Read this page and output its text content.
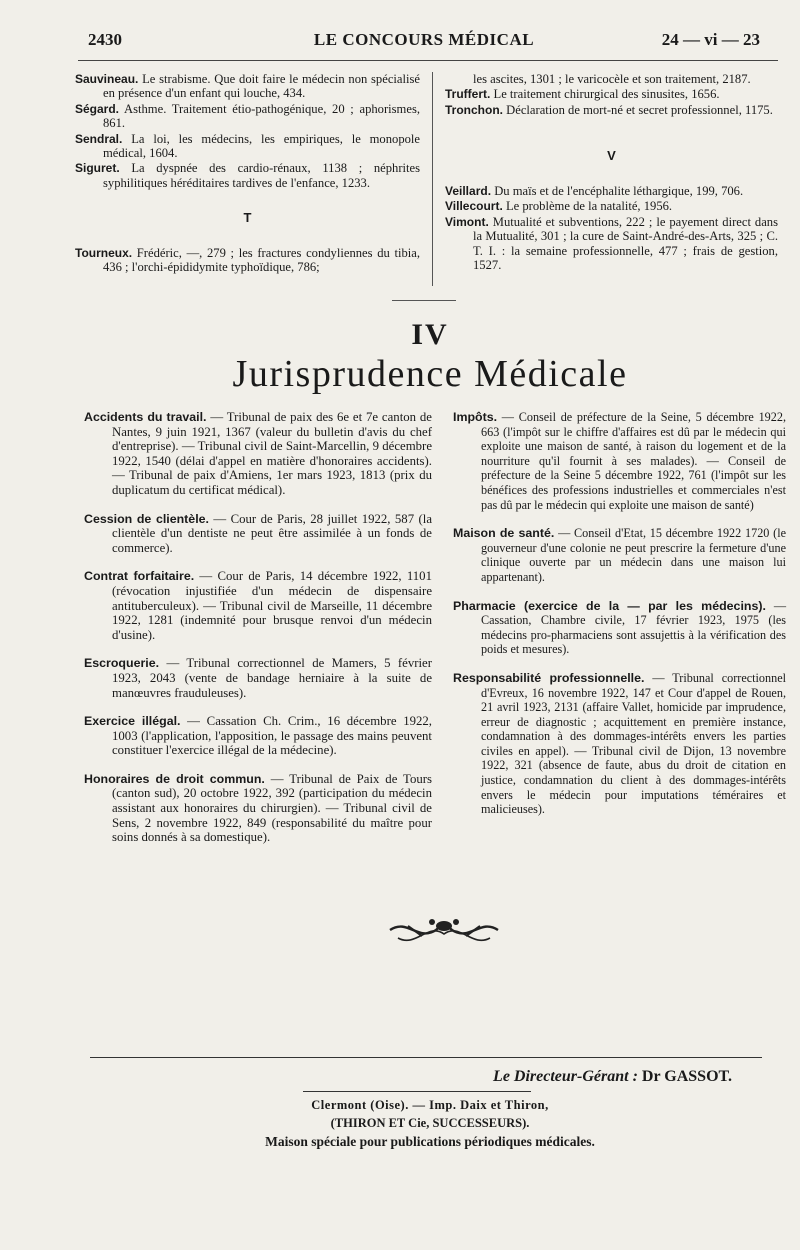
2430	LE CONCOURS MÉDICAL	24 — vi — 23

Sauvineau. Le strabisme. Que doit faire le médecin non spécialisé en présence d'un enfant qui louche, 434.

Ségard. Asthme. Traitement étio-pathogénique, 20 ; aphorismes, 861.

Sendral. La loi, les médecins, les empiriques, le monopole médical, 1604.

Siguret. La dyspnée des cardio-rénaux, 1138 ; néphrites syphilitiques héréditaires tardives de l'enfance, 1233.

T

Tourneux. Frédéric, —, 279 ; les fractures condyliennes du tibia, 436 ; l'orchi-épididymite typhoïdique, 786;

les ascites, 1301 ; le varicocèle et son traitement, 2187.

Truffert. Le traitement chirurgical des sinusites, 1656.

Tronchon. Déclaration de mort-né et secret professionnel, 1175.

V

Veillard. Du maïs et de l'encéphalite léthargique, 199, 706.

Villecourt. Le problème de la natalité, 1956.

Vimont. Mutualité et subventions, 222 ; le payement direct dans la Mutualité, 301 ; la cure de Saint-André-des-Arts, 325 ; C. T. I. : la semaine professionnelle, 477 ; frais de gestion, 1527.

IV
Jurisprudence Médicale

Accidents du travail. — Tribunal de paix des 6e et 7e canton de Nantes, 9 juin 1921, 1367 (valeur du bulletin d'avis du chef d'entreprise). — Tribunal civil de Saint-Marcellin, 9 décembre 1922, 1540 (délai d'appel en matière d'honoraires accidents). — Tribunal de paix d'Amiens, 1er mars 1923, 1813 (prix du duplicatum du certificat médical).

Cession de clientèle. — Cour de Paris, 28 juillet 1922, 587 (la clientèle d'un dentiste ne peut être assimilée à un fonds de commerce).

Contrat forfaitaire. — Cour de Paris, 14 décembre 1922, 1101 (révocation injustifiée d'un médecin de dispensaire antituberculeux). — Tribunal civil de Marseille, 11 décembre 1922, 1281 (indemnité pour brusque renvoi d'un médecin d'usine).

Escroquerie. — Tribunal correctionnel de Mamers, 5 février 1923, 2043 (vente de bandage herniaire à la suite de manœuvres frauduleuses).

Exercice illégal. — Cassation Ch. Crim., 16 décembre 1922, 1003 (l'application, l'apposition, le passage des mains peuvent constituer l'exercice illégal de la médecine).

Honoraires de droit commun. — Tribunal de Paix de Tours (canton sud), 20 octobre 1922, 392 (participation du médecin assistant aux honoraires du chirurgien). — Tribunal civil de Sens, 2 novembre 1922, 849 (responsabilité du maître pour soins donnés à sa domestique).

Impôts. — Conseil de préfecture de la Seine, 5 décembre 1922, 663 (l'impôt sur le chiffre d'affaires est dû par le médecin qui exploite une maison de santé, à raison du logement et de la nourriture qu'il fournit à ses malades). — Conseil de préfecture de la Seine 5 décembre 1922, 761 (l'impôt sur les bénéfices des professions industrielles et commerciales n'est pas dû par le médecin qui exploite une maison de santé)

Maison de santé. — Conseil d'Etat, 15 décembre 1922 1720 (le gouverneur d'une colonie ne peut prescrire la fermeture d'une clinique ouverte par un médecin dans une maison lui appartenant).

Pharmacie (exercice de la — par les médecins). — Cassation, Chambre civile, 17 février 1923, 1975 (les médecins pro-pharmaciens sont assujettis à la vérification des poids et mesures).

Responsabilité professionnelle. — Tribunal correctionnel d'Evreux, 16 novembre 1922, 147 et Cour d'appel de Rouen, 21 avril 1923, 2131 (affaire Vallet, homicide par imprudence, erreur de diagnostic ; acquittement en première instance, condamnation à des dommages-intérêts envers les parties civiles en appel). — Tribunal civil de Dijon, 13 novembre 1922, 321 (absence de faute, abus du droit de citation en justice, condamnation du client à des dommages-intérêts envers le médecin pour imputations téméraires et malicieuses).

Le Directeur-Gérant : Dr GASSOT.
Clermont (Oise). — Imp. Daix et Thiron,
(THIRON ET Cie, SUCCESSEURS).
Maison spéciale pour publications périodiques médicales.
